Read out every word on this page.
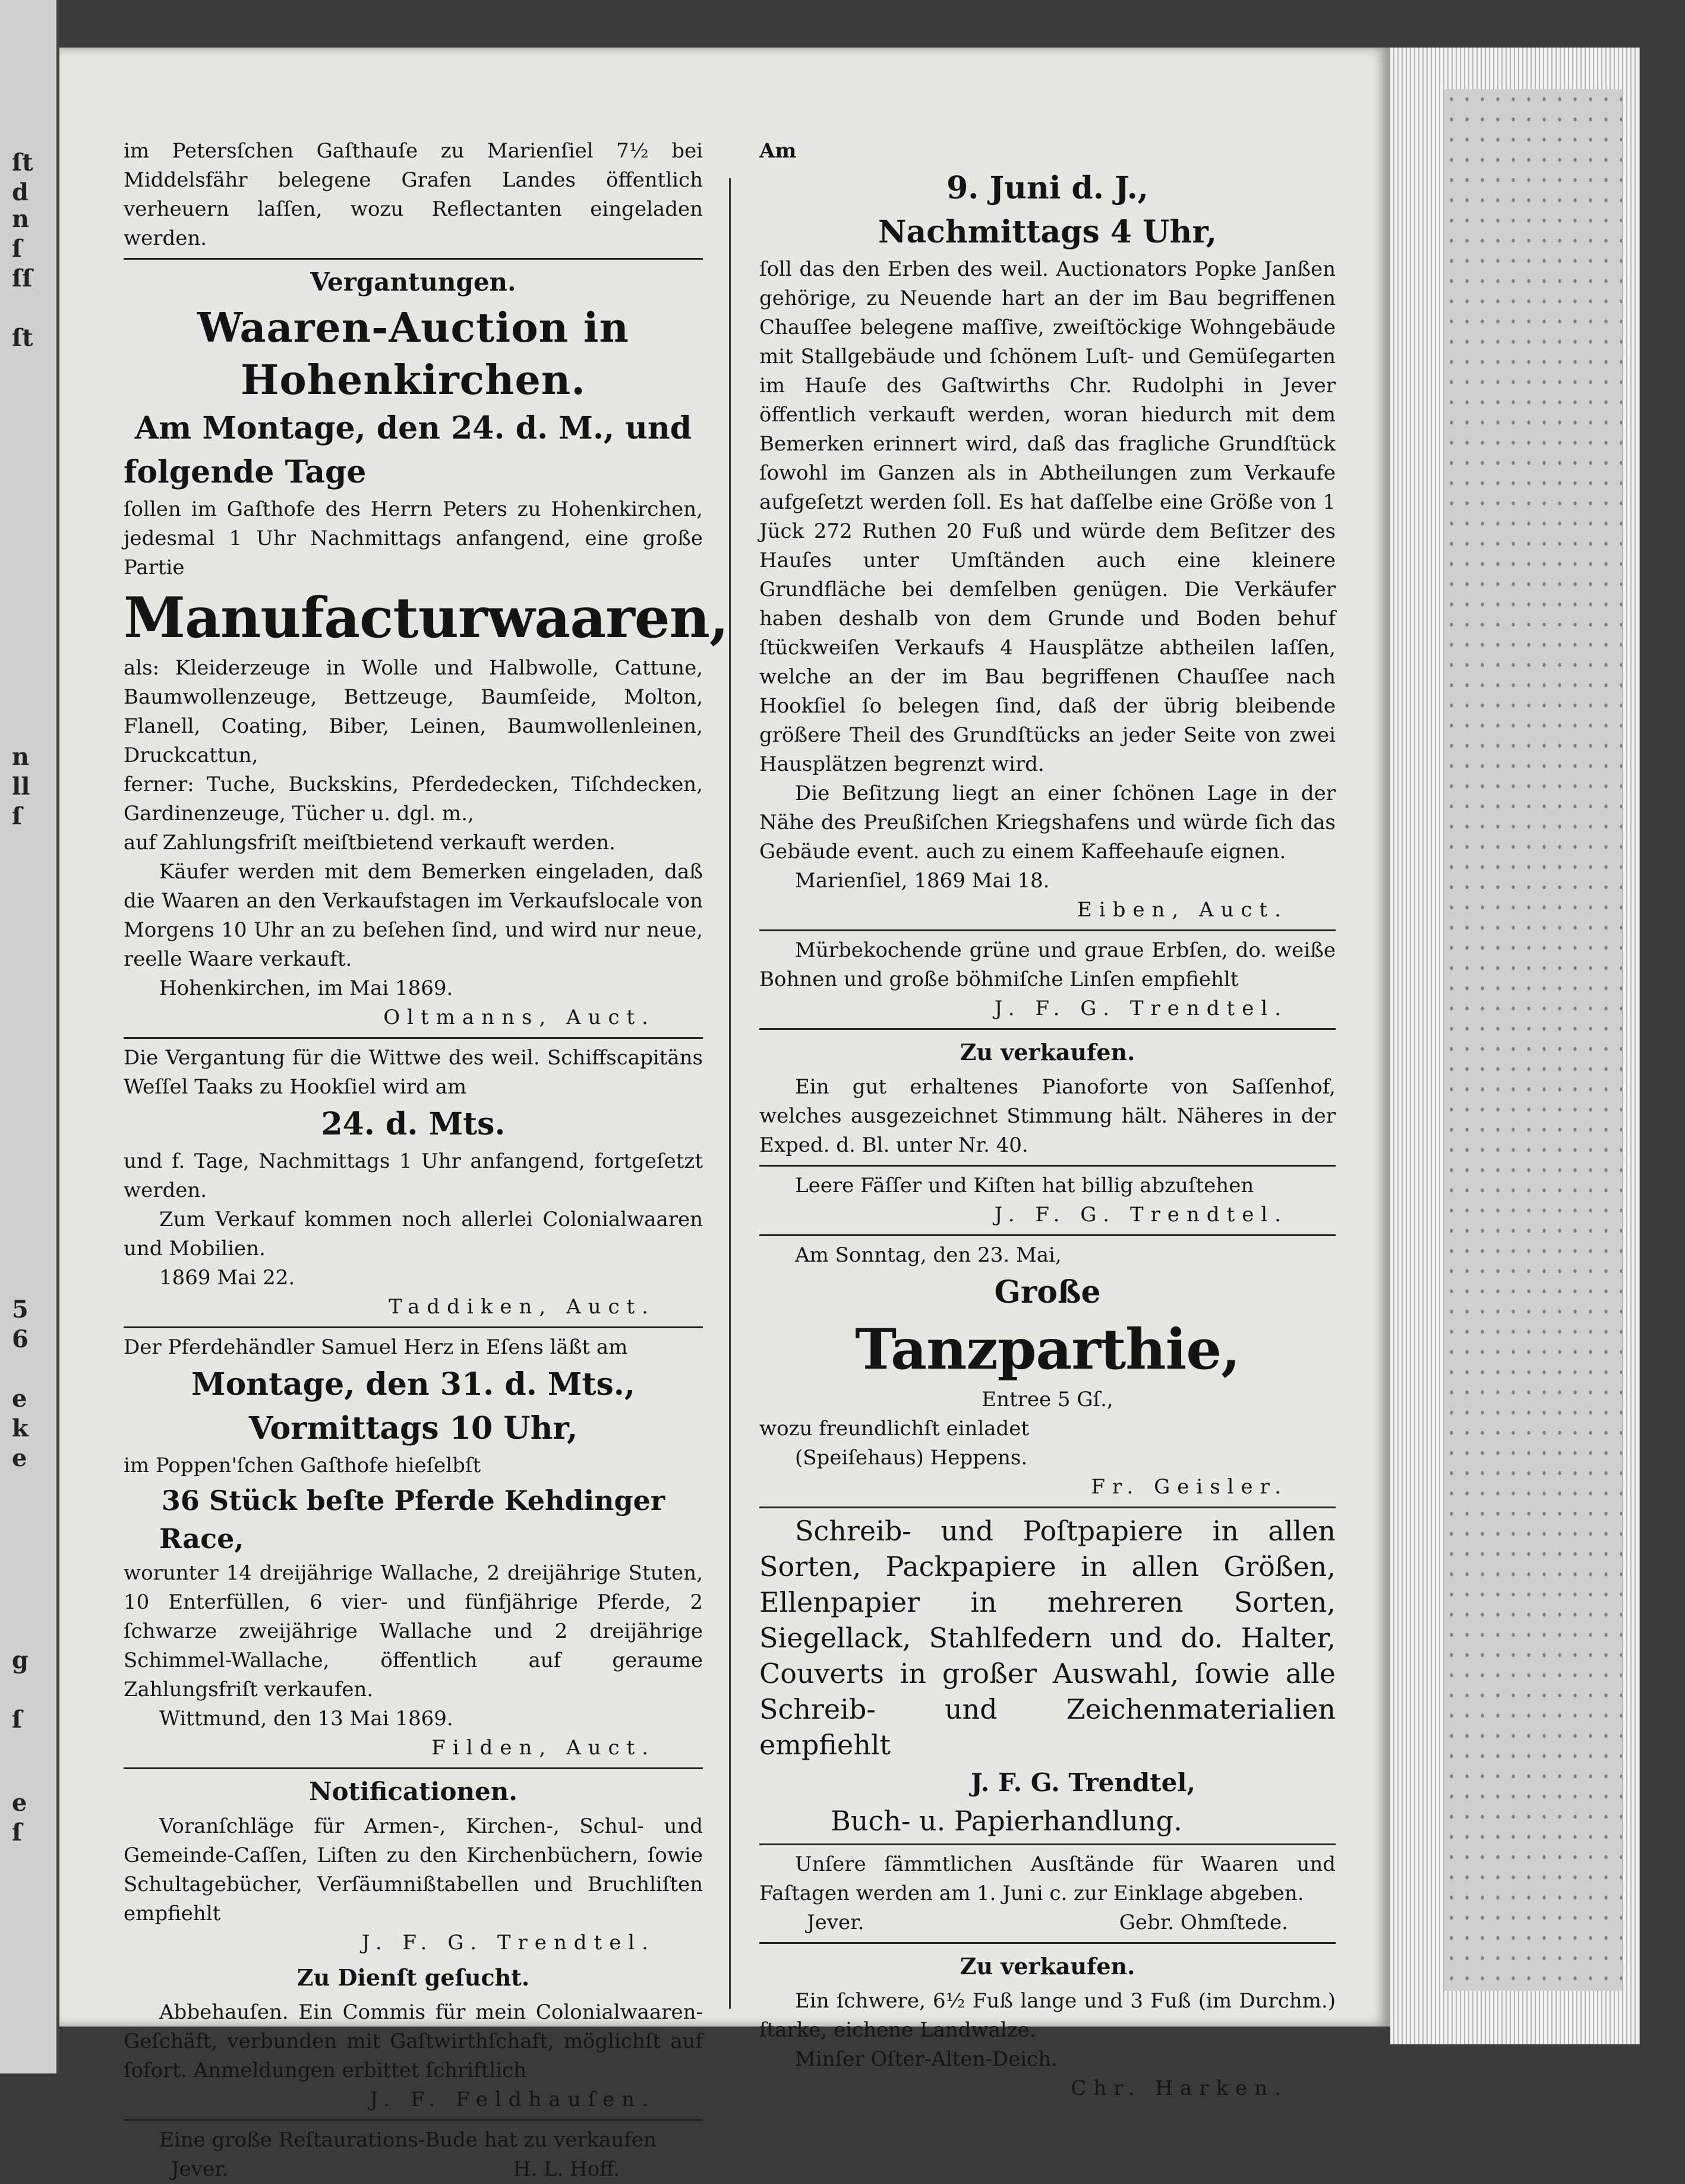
ſt
d
n
ſ
ſſ
ſt
n
ll
ſ
5
6
e
k
e
g
ſ
e
ſ

im Petersſchen Gaſthauſe zu Marienſiel 7½ bei Middelsfähr belegene Grafen Landes öffentlich verheuern laſſen, wozu Reflectanten eingeladen werden.

Vergantungen.
Waaren-Auction in
Hohenkirchen.
Am Montage, den 24. d. M., und
folgende Tage

ſollen im Gaſthofe des Herrn Peters zu Hohenkirchen, jedesmal 1 Uhr Nachmittags anfangend, eine große Partie

Manufacturwaaren,

als: Kleiderzeuge in Wolle und Halbwolle, Cattune, Baumwollenzeuge, Bettzeuge, Baumſeide, Molton, Flanell, Coating, Biber, Leinen, Baumwollenleinen, Druckcattun,

ferner: Tuche, Buckskins, Pferdedecken, Tiſchdecken, Gardinenzeuge, Tücher u. dgl. m.,

auf Zahlungsfriſt meiſtbietend verkauft werden.

Käufer werden mit dem Bemerken eingeladen, daß die Waaren an den Verkaufstagen im Verkaufslocale von Morgens 10 Uhr an zu beſehen ſind, und wird nur neue, reelle Waare verkauft.

Hohenkirchen, im Mai 1869.

Oltmanns, Auct.

Die Vergantung für die Wittwe des weil. Schiffscapitäns Weſſel Taaks zu Hookſiel wird am

24. d. Mts.

und f. Tage, Nachmittags 1 Uhr anfangend, fortgeſetzt werden.

Zum Verkauf kommen noch allerlei Colonialwaaren und Mobilien.

1869 Mai 22.

Taddiken, Auct.

Der Pferdehändler Samuel Herz in Eſens läßt am

Montage, den 31. d. Mts.,
Vormittags 10 Uhr,

im Poppen'ſchen Gaſthofe hieſelbſt

36 Stück beſte Pferde Kehdinger
Race,

worunter 14 dreijährige Wallache, 2 dreijährige Stuten, 10 Enterfüllen, 6 vier- und fünfjährige Pferde, 2 ſchwarze zweijährige Wallache und 2 dreijährige Schimmel-Wallache, öffentlich auf geraume Zahlungsfriſt verkaufen.

Wittmund, den 13 Mai 1869.

Filden, Auct.

Notificationen.

Voranſchläge für Armen-, Kirchen-, Schul- und Gemeinde-Caſſen, Liſten zu den Kirchenbüchern, ſowie Schultagebücher, Verſäumnißtabellen und Bruchliſten empfiehlt

J. F. G. Trendtel.

Zu Dienſt geſucht.

Abbehauſen. Ein Commis für mein Colonialwaaren-Geſchäft, verbunden mit Gaſtwirthſchaft, möglichſt auf ſofort. Anmeldungen erbittet ſchriftlich

J. F. Feldhauſen.

Eine große Reſtaurations-Bude hat zu verkaufen

Jever.	H. L. Hoff.

Am

9. Juni d. J.,
Nachmittags 4 Uhr,

ſoll das den Erben des weil. Auctionators Popke Janßen gehörige, zu Neuende hart an der im Bau begriffenen Chauſſee belegene maſſive, zweiſtöckige Wohngebäude mit Stallgebäude und ſchönem Luſt- und Gemüſegarten im Hauſe des Gaſtwirths Chr. Rudolphi in Jever öffentlich verkauft werden, woran hiedurch mit dem Bemerken erinnert wird, daß das fragliche Grundſtück ſowohl im Ganzen als in Abtheilungen zum Verkaufe aufgeſetzt werden ſoll. Es hat daſſelbe eine Größe von 1 Jück 272 Ruthen 20 Fuß und würde dem Beſitzer des Hauſes unter Umſtänden auch eine kleinere Grundfläche bei demſelben genügen. Die Verkäufer haben deshalb von dem Grunde und Boden behuf ſtückweiſen Verkaufs 4 Hausplätze abtheilen laſſen, welche an der im Bau begriffenen Chauſſee nach Hookſiel ſo belegen ſind, daß der übrig bleibende größere Theil des Grundſtücks an jeder Seite von zwei Hausplätzen begrenzt wird.

Die Beſitzung liegt an einer ſchönen Lage in der Nähe des Preußiſchen Kriegshafens und würde ſich das Gebäude event. auch zu einem Kaffeehauſe eignen.

Marienſiel, 1869 Mai 18.

Eiben, Auct.

Mürbekochende grüne und graue Erbſen, do. weiße Bohnen und große böhmiſche Linſen empfiehlt

J. F. G. Trendtel.

Zu verkaufen.

Ein gut erhaltenes Pianoforte von Saſſenhof, welches ausgezeichnet Stimmung hält. Näheres in der Exped. d. Bl. unter Nr. 40.

Leere Fäſſer und Kiſten hat billig abzuſtehen

J. F. G. Trendtel.

Am Sonntag, den 23. Mai,

Große
Tanzparthie,

Entree 5 Gſ.,

wozu freundlichſt einladet

(Speiſehaus) Heppens.

Fr. Geisler.

Schreib- und Poſtpapiere in allen Sorten, Packpapiere in allen Größen, Ellenpapier in mehreren Sorten, Siegellack, Stahlfedern und do. Halter, Couverts in großer Auswahl, ſowie alle Schreib- und Zeichenmaterialien empfiehlt

J. F. G. Trendtel,

Buch- u. Papierhandlung.

Unſere ſämmtlichen Ausſtände für Waaren und Faſtagen werden am 1. Juni c. zur Einklage abgeben.

Jever.	Gebr. Ohmſtede.

Zu verkaufen.

Ein ſchwere, 6½ Fuß lange und 3 Fuß (im Durchm.) ſtarke, eichene Landwalze.

Minſer Oſter-Alten-Deich.

Chr. Harken.
